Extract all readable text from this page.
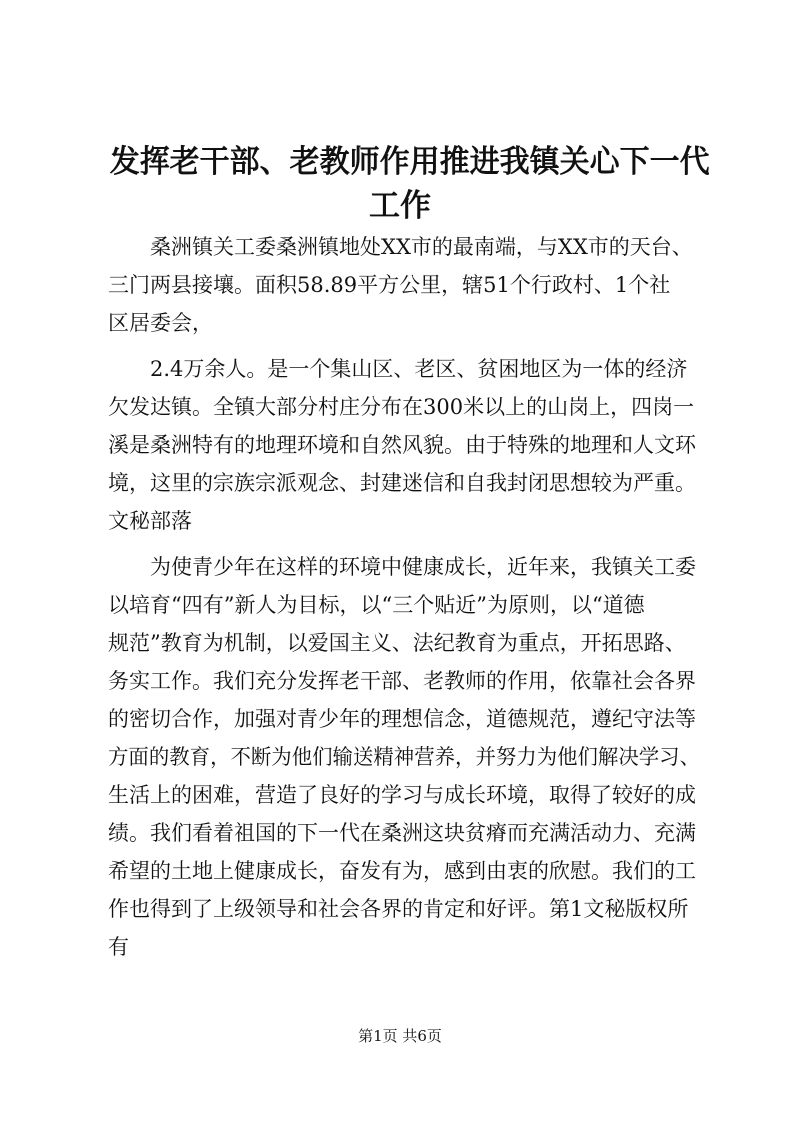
发挥老干部、老教师作用推进我镇关心下一代
工作

桑洲镇关工委桑洲镇地处XX市的最南端，与XX市的天台、

三门两县接壤。面积58.89平方公里，辖51个行政村、1个社

区居委会，

2.4万余人。是一个集山区、老区、贫困地区为一体的经济

欠发达镇。全镇大部分村庄分布在300米以上的山岗上，四岗一

溪是桑洲特有的地理环境和自然风貌。由于特殊的地理和人文环

境，这里的宗族宗派观念、封建迷信和自我封闭思想较为严重。

文秘部落

为使青少年在这样的环境中健康成长，近年来，我镇关工委

以培育“四有”新人为目标，以“三个贴近”为原则，以“道德

规范”教育为机制，以爱国主义、法纪教育为重点，开拓思路、

务实工作。我们充分发挥老干部、老教师的作用，依靠社会各界

的密切合作，加强对青少年的理想信念，道德规范，遵纪守法等

方面的教育，不断为他们输送精神营养，并努力为他们解决学习、

生活上的困难，营造了良好的学习与成长环境，取得了较好的成

绩。我们看着祖国的下一代在桑洲这块贫瘠而充满活动力、充满

希望的土地上健康成长，奋发有为，感到由衷的欣慰。我们的工

作也得到了上级领导和社会各界的肯定和好评。第1文秘版权所

有

第1页 共6页
